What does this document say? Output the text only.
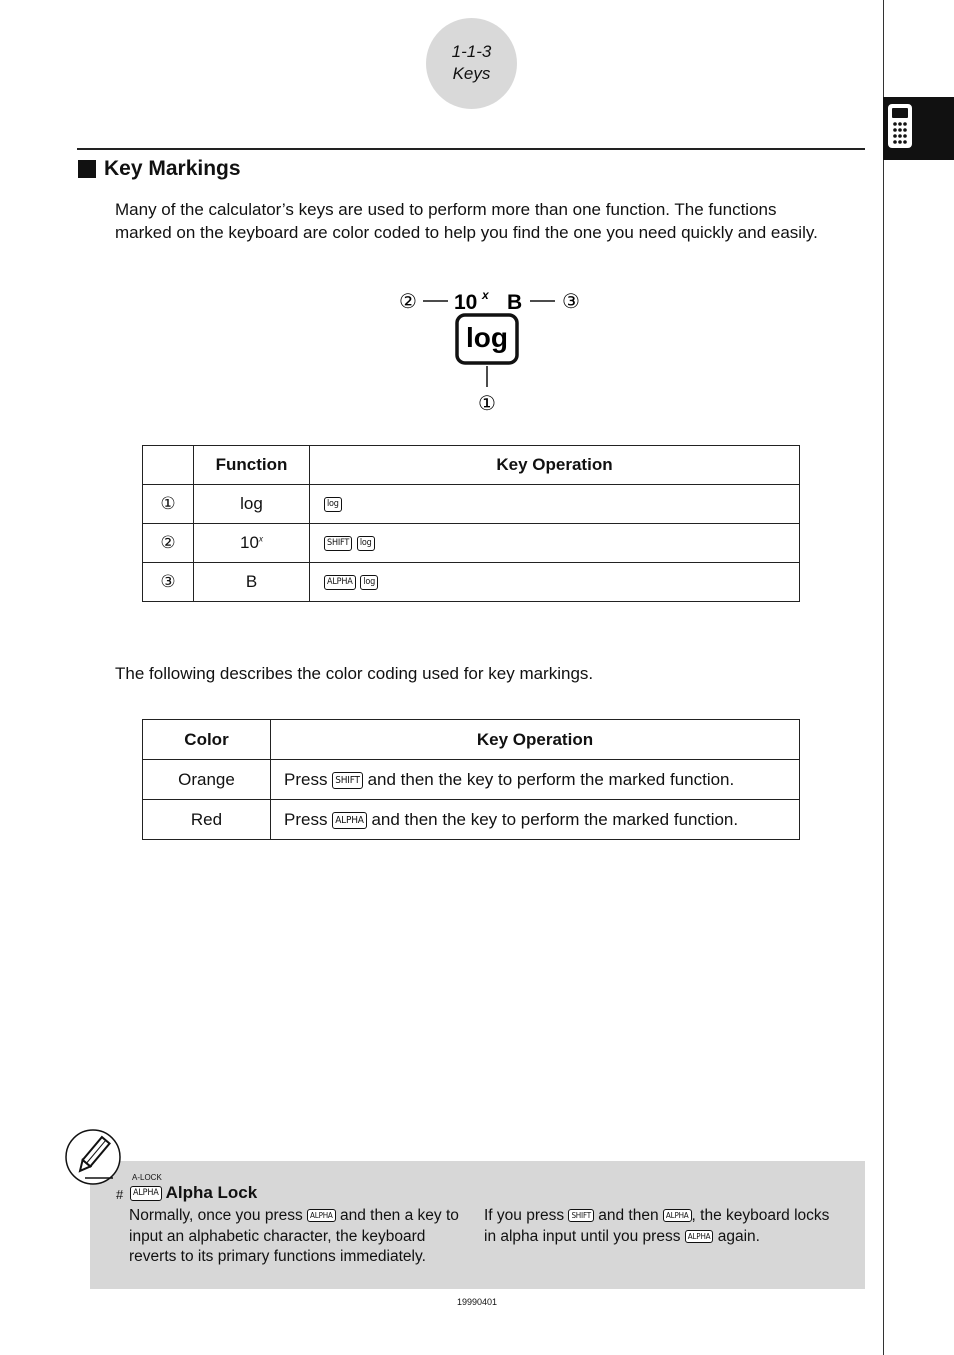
1-1-3
Keys
Key Markings
Many of the calculator’s keys are used to perform more than one function. The functions marked on the keyboard are color coded to help you find the one you need quickly and easily.
② 10 x B ③
log
①
	Function	Key Operation
①	log	log
②	10$^x$	SHIFT log
③	B	ALPHA log
The following describes the color coding used for key markings.
Color	Key Operation
Orange	Press SHIFT and then the key to perform the marked function.
Red	Press ALPHA and then the key to perform the marked function.
#
A-LOCK
ALPHA Alpha Lock
Normally, once you press ALPHA and then a key to input an alphabetic character, the keyboard reverts to its primary functions immediately.
If you press SHIFT and then ALPHA , the keyboard locks in alpha input until you press ALPHA again.
19990401
